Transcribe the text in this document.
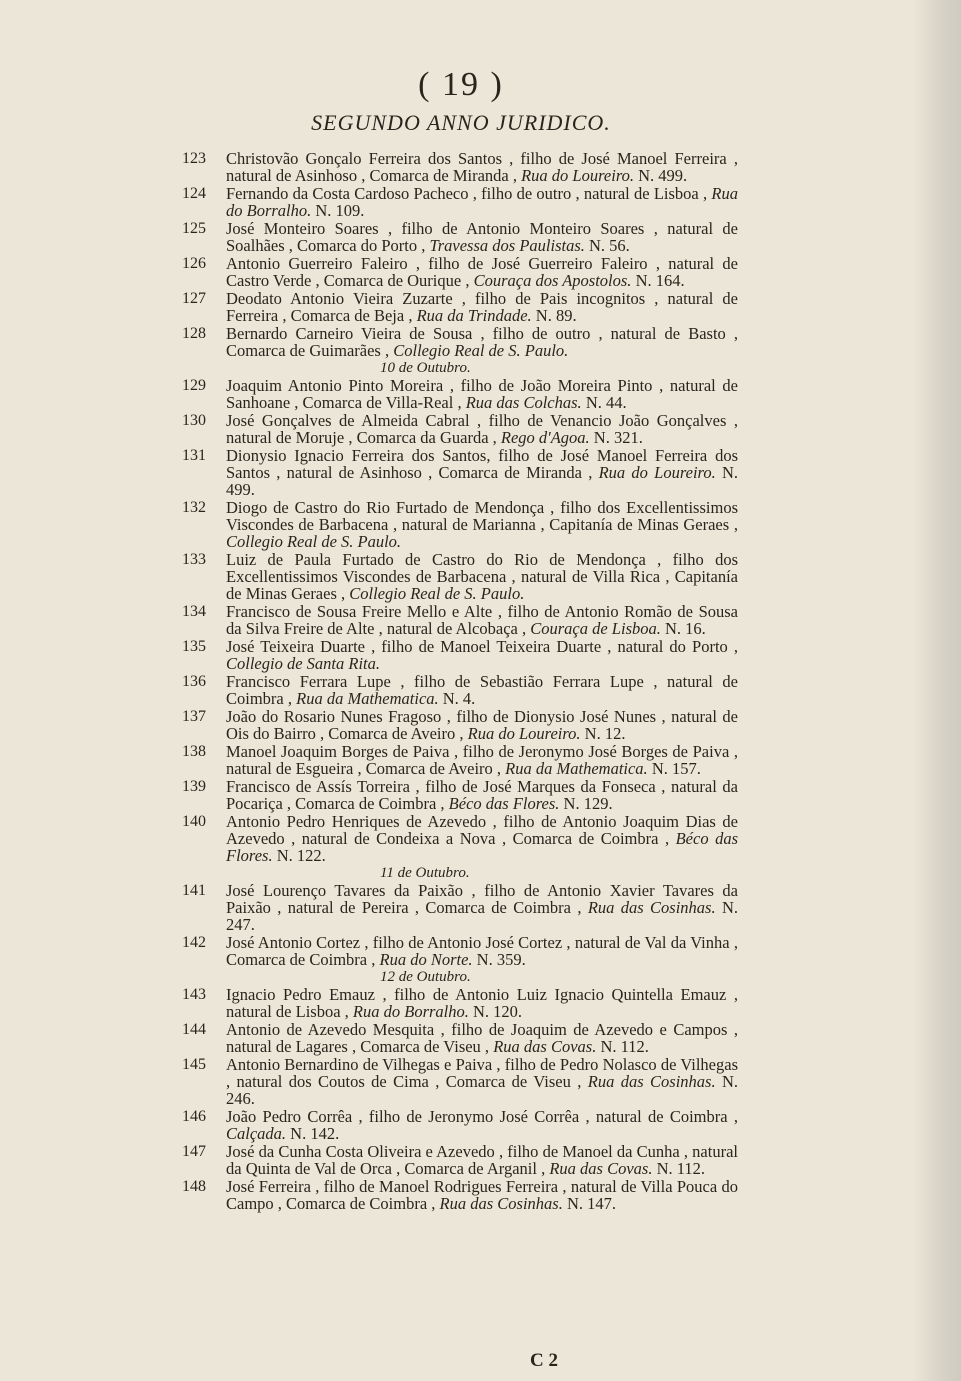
( 19 )
SEGUNDO ANNO JURIDICO.
123 Christovão Gonçalo Ferreira dos Santos , filho de José Manoel Ferreira , natural de Asinhoso , Comarca de Miranda , Rua do Loureiro. N. 499.
124 Fernando da Costa Cardoso Pacheco , filho de outro , natural de Lisboa , Rua do Borralho. N. 109.
125 José Monteiro Soares , filho de Antonio Monteiro Soares , natural de Soalhães , Comarca do Porto , Travessa dos Paulistas. N. 56.
126 Antonio Guerreiro Faleiro , filho de José Guerreiro Faleiro , natural de Castro Verde , Comarca de Ourique , Couraça dos Apostolos. N. 164.
127 Deodato Antonio Vieira Zuzarte , filho de Pais incognitos , natural de Ferreira , Comarca de Beja , Rua da Trindade. N. 89.
128 Bernardo Carneiro Vieira de Sousa , filho de outro , natural de Basto , Comarca de Guimarães , Collegio Real de S. Paulo.
10 de Outubro.
129 Joaquim Antonio Pinto Moreira , filho de João Moreira Pinto , natural de Sanhoane , Comarca de Villa-Real , Rua das Colchas. N. 44.
130 José Gonçalves de Almeida Cabral , filho de Venancio João Gonçalves , natural de Moruje , Comarca da Guarda , Rego d'Agoa. N. 321.
131 Dionysio Ignacio Ferreira dos Santos, filho de José Manoel Ferreira dos Santos , natural de Asinhoso , Comarca de Miranda , Rua do Loureiro. N. 499.
132 Diogo de Castro do Rio Furtado de Mendonça , filho dos Excellentissimos Viscondes de Barbacena , natural de Marianna , Capitanía de Minas Geraes , Collegio Real de S. Paulo.
133 Luiz de Paula Furtado de Castro do Rio de Mendonça , filho dos Excellentissimos Viscondes de Barbacena , natural de Villa Rica , Capitanía de Minas Geraes , Collegio Real de S. Paulo.
134 Francisco de Sousa Freire Mello e Alte , filho de Antonio Romão de Sousa da Silva Freire de Alte , natural de Alcobaça , Couraça de Lisboa. N. 16.
135 José Teixeira Duarte , filho de Manoel Teixeira Duarte , natural do Porto , Collegio de Santa Rita.
136 Francisco Ferrara Lupe , filho de Sebastião Ferrara Lupe , natural de Coimbra , Rua da Mathematica. N. 4.
137 João do Rosario Nunes Fragoso , filho de Dionysio José Nunes , natural de Ois do Bairro , Comarca de Aveiro , Rua do Loureiro. N. 12.
138 Manoel Joaquim Borges de Paiva , filho de Jeronymo José Borges de Paiva , natural de Esgueira , Comarca de Aveiro , Rua da Mathematica. N. 157.
139 Francisco de Assís Torreira , filho de José Marques da Fonseca , natural da Pocariça , Comarca de Coimbra , Béco das Flores. N. 129.
140 Antonio Pedro Henriques de Azevedo , filho de Antonio Joaquim Dias de Azevedo , natural de Condeixa a Nova , Comarca de Coimbra , Béco das Flores. N. 122.
11 de Outubro.
141 José Lourenço Tavares da Paixão , filho de Antonio Xavier Tavares da Paixão , natural de Pereira , Comarca de Coimbra , Rua das Cosinhas. N. 247.
142 José Antonio Cortez , filho de Antonio José Cortez , natural de Val da Vinha , Comarca de Coimbra , Rua do Norte. N. 359.
12 de Outubro.
143 Ignacio Pedro Emauz , filho de Antonio Luiz Ignacio Quintella Emauz , natural de Lisboa , Rua do Borralho. N. 120.
144 Antonio de Azevedo Mesquita , filho de Joaquim de Azevedo e Campos , natural de Lagares , Comarca de Viseu , Rua das Covas. N. 112.
145 Antonio Bernardino de Vilhegas e Paiva , filho de Pedro Nolasco de Vilhegas , natural dos Coutos de Cima , Comarca de Viseu , Rua das Cosinhas. N. 246.
146 João Pedro Corrêa , filho de Jeronymo José Corrêa , natural de Coimbra , Calçada. N. 142.
147 José da Cunha Costa Oliveira e Azevedo , filho de Manoel da Cunha , natural da Quinta de Val de Orca , Comarca de Arganil , Rua das Covas. N. 112.
148 José Ferreira , filho de Manoel Rodrigues Ferreira , natural de Villa Pouca do Campo , Comarca de Coimbra , Rua das Cosinhas. N. 147.
C 2
